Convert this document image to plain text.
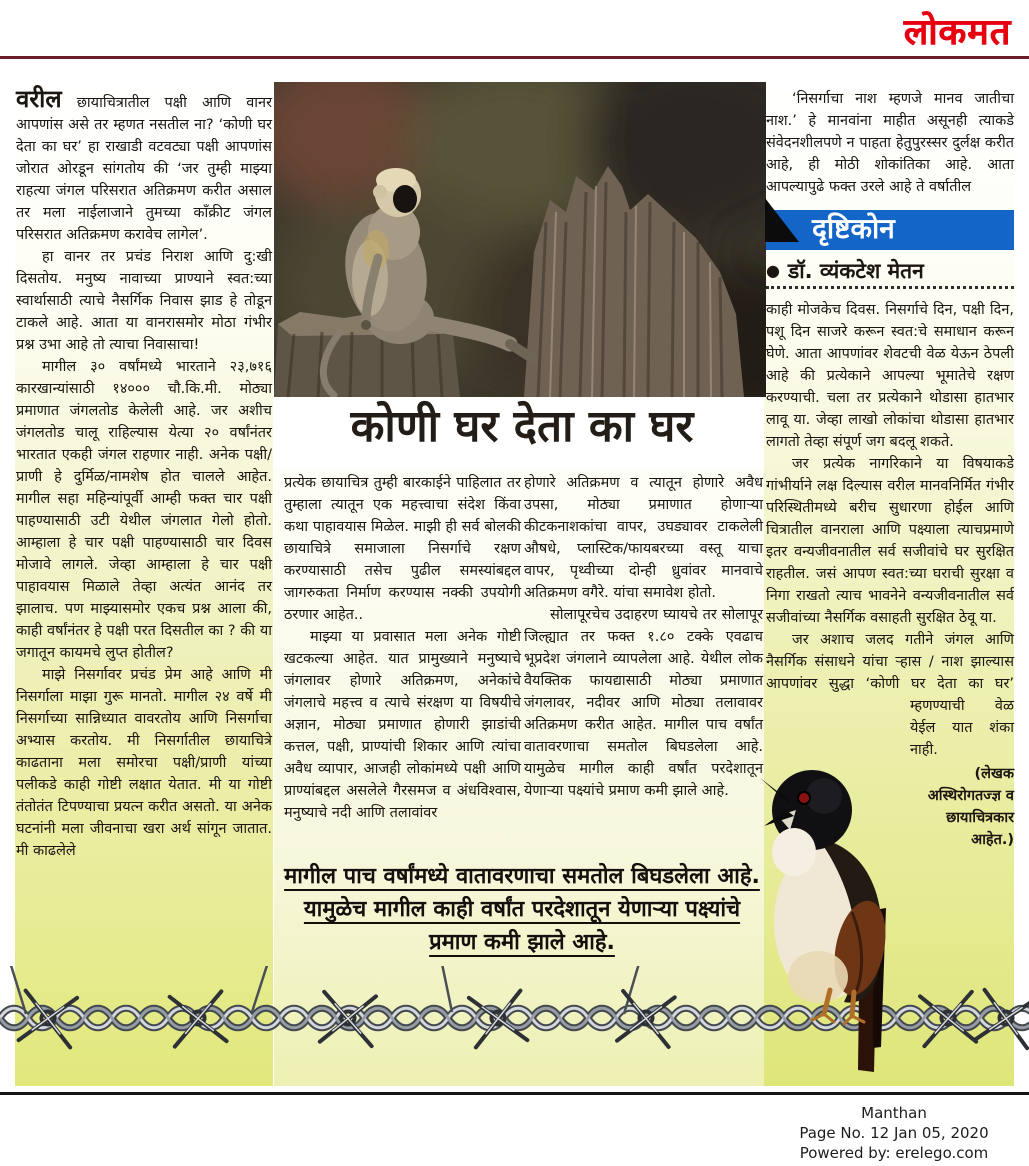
लोकमत
कोणी घर देता का घर

वरील छायाचित्रातील पक्षी आणि वानर आपणांस असे तर म्हणत नसतील ना? ‘कोणी घर देता का घर’ हा राखाडी वटवट्या पक्षी आपणांस जोरात ओरडून सांगतोय की ‘जर तुम्ही माझ्या राहत्या जंगल परिसरात अतिक्रमण करीत असाल तर मला नाईलाजाने तुमच्या काँक्रीट जंगल परिसरात अतिक्रमण करावेच लागेल’.

हा वानर तर प्रचंड निराश आणि दु:खी दिसतोय. मनुष्य नावाच्या प्राण्याने स्वत:च्या स्वार्थासाठी त्याचे नैसर्गिक निवास झाड हे तोडून टाकले आहे. आता या वानरासमोर मोठा गंभीर प्रश्न उभा आहे तो त्याचा निवासाचा!

मागील ३० वर्षांमध्ये भारताने २३,७१६ कारखान्यांसाठी १४००० चौ.कि.मी. मोठ्या प्रमाणात जंगलतोड केलेली आहे. जर अशीच जंगलतोड चालू राहिल्यास येत्या २० वर्षांनंतर भारतात एकही जंगल राहणार नाही. अनेक पक्षी/प्राणी हे दुर्मिळ/नामशेष होत चालले आहेत. मागील सहा महिन्यांपूर्वी आम्ही फक्त चार पक्षी पाहण्यासाठी उटी येथील जंगलात गेलो होतो. आम्हाला हे चार पक्षी पाहण्यासाठी चार दिवस मोजावे लागले. जेव्हा आम्हाला हे चार पक्षी पाहावयास मिळाले तेव्हा अत्यंत आनंद तर झालाच. पण माझ्यासमोर एकच प्रश्न आला की, काही वर्षांनंतर हे पक्षी परत दिसतील का ? की या जगातून कायमचे लुप्त होतील?

माझे निसर्गावर प्रचंड प्रेम आहे आणि मी निसर्गाला माझा गुरू मानतो. मागील २४ वर्षे मी निसर्गाच्या सान्निध्यात वावरतोय आणि निसर्गाचा अभ्यास करतोय. मी निसर्गातील छायाचित्रे काढताना मला समोरचा पक्षी/प्राणी यांच्या पलीकडे काही गोष्टी लक्षात येतात. मी या गोष्टी तंतोतंत टिपण्याचा प्रयत्न करीत असतो. या अनेक घटनांनी मला जीवनाचा खरा अर्थ सांगून जातात. मी काढलेले

प्रत्येक छायाचित्र तुम्ही बारकाईने पाहिलात तर तुम्हाला त्यातून एक महत्त्वाचा संदेश किंवा कथा पाहावयास मिळेल. माझी ही सर्व बोलकी छायाचित्रे समाजाला निसर्गाचे रक्षण करण्यासाठी तसेच पुढील समस्यांबद्दल जागरुकता निर्माण करण्यास नक्की उपयोगी ठरणार आहेत..

माझ्या या प्रवासात मला अनेक गोष्टी खटकल्या आहेत. यात प्रामुख्याने मनुष्याचे जंगलावर होणारे अतिक्रमण, अनेकांचे जंगलाचे महत्त्व व त्याचे संरक्षण या विषयीचे अज्ञान, मोठ्या प्रमाणात होणारी झाडांची कत्तल, पक्षी, प्राण्यांची शिकार आणि त्यांचा अवैध व्यापार, आजही लोकांमध्ये पक्षी आणि प्राण्यांबद्दल असलेले गैरसमज व अंधविश्वास, मनुष्याचे नदी आणि तलावांवर

होणारे अतिक्रमण व त्यातून होणारे अवैध उपसा, मोठ्या प्रमाणात होणाऱ्या कीटकनाशकांचा वापर, उघड्यावर टाकलेली औषधे, प्लास्टिक/फायबरच्या वस्तू याचा वापर, पृथ्वीच्या दोन्ही ध्रुवांवर मानवाचे अतिक्रमण वगैरे. यांचा समावेश होतो.

सोलापूरचेच उदाहरण घ्यायचे तर सोलापूर जिल्ह्यात तर फक्त १.८० टक्के एवढाच भूप्रदेश जंगलाने व्यापलेला आहे. येथील लोक वैयक्तिक फायद्यासाठी मोठ्या प्रमाणात जंगलावर, नदीवर आणि मोठ्या तलावावर अतिक्रमण करीत आहेत. मागील पाच वर्षांत वातावरणाचा समतोल बिघडलेला आहे. यामुळेच मागील काही वर्षांत परदेशातून येणाऱ्या पक्ष्यांचे प्रमाण कमी झाले आहे.

‘निसर्गाचा नाश म्हणजे मानव जातीचा नाश.’ हे मानवांना माहीत असूनही त्याकडे संवेदनशीलपणे न पाहता हेतुपुरस्सर दुर्लक्ष करीत आहे, ही मोठी शोकांतिका आहे. आता आपल्यापुढे फक्त उरले आहे ते वर्षातील

दृष्टिकोन
● डॉ. व्यंकटेश मेतन

काही मोजकेच दिवस. निसर्गाचे दिन, पक्षी दिन, पशू दिन साजरे करून स्वत:चे समाधान करून घेणे. आता आपणांवर शेवटची वेळ येऊन ठेपली आहे की प्रत्येकाने आपल्या भूमातेचे रक्षण करण्याची. चला तर प्रत्येकाने थोडासा हातभार लावू या. जेव्हा लाखो लोकांचा थोडासा हातभार लागतो तेव्हा संपूर्ण जग बदलू शकते.

जर प्रत्येक नागरिकाने या विषयाकडे गांभीर्याने लक्ष दिल्यास वरील मानवनिर्मित गंभीर परिस्थितीमध्ये बरीच सुधारणा होईल आणि चित्रातील वानराला आणि पक्ष्याला त्याचप्रमाणे इतर वन्यजीवनातील सर्व सजीवांचे घर सुरक्षित राहतील. जसं आपण स्वत:च्या घराची सुरक्षा व निगा राखतो त्याच भावनेने वन्यजीवनातील सर्व सजीवांच्या नैसर्गिक वसाहती सुरक्षित ठेवू या.

जर अशाच जलद गतीने जंगल आणि नैसर्गिक संसाधने यांचा ऱ्हास / नाश झाल्यास आपणांवर सुद्धा ‘कोणी घर देता का घर’ म्हणण्याची वेळ येईल यात शंका नाही.

(लेखक अस्थिरोगतज्ज्ञ व छायाचित्रकार आहेत.)

मागील पाच वर्षांमध्ये वातावरणाचा समतोल बिघडलेला आहे. यामुळेच मागील काही वर्षांत परदेशातून येणाऱ्या पक्ष्यांचे प्रमाण कमी झाले आहे.
Manthan
Page No. 12 Jan 05, 2020
Powered by: erelego.com
